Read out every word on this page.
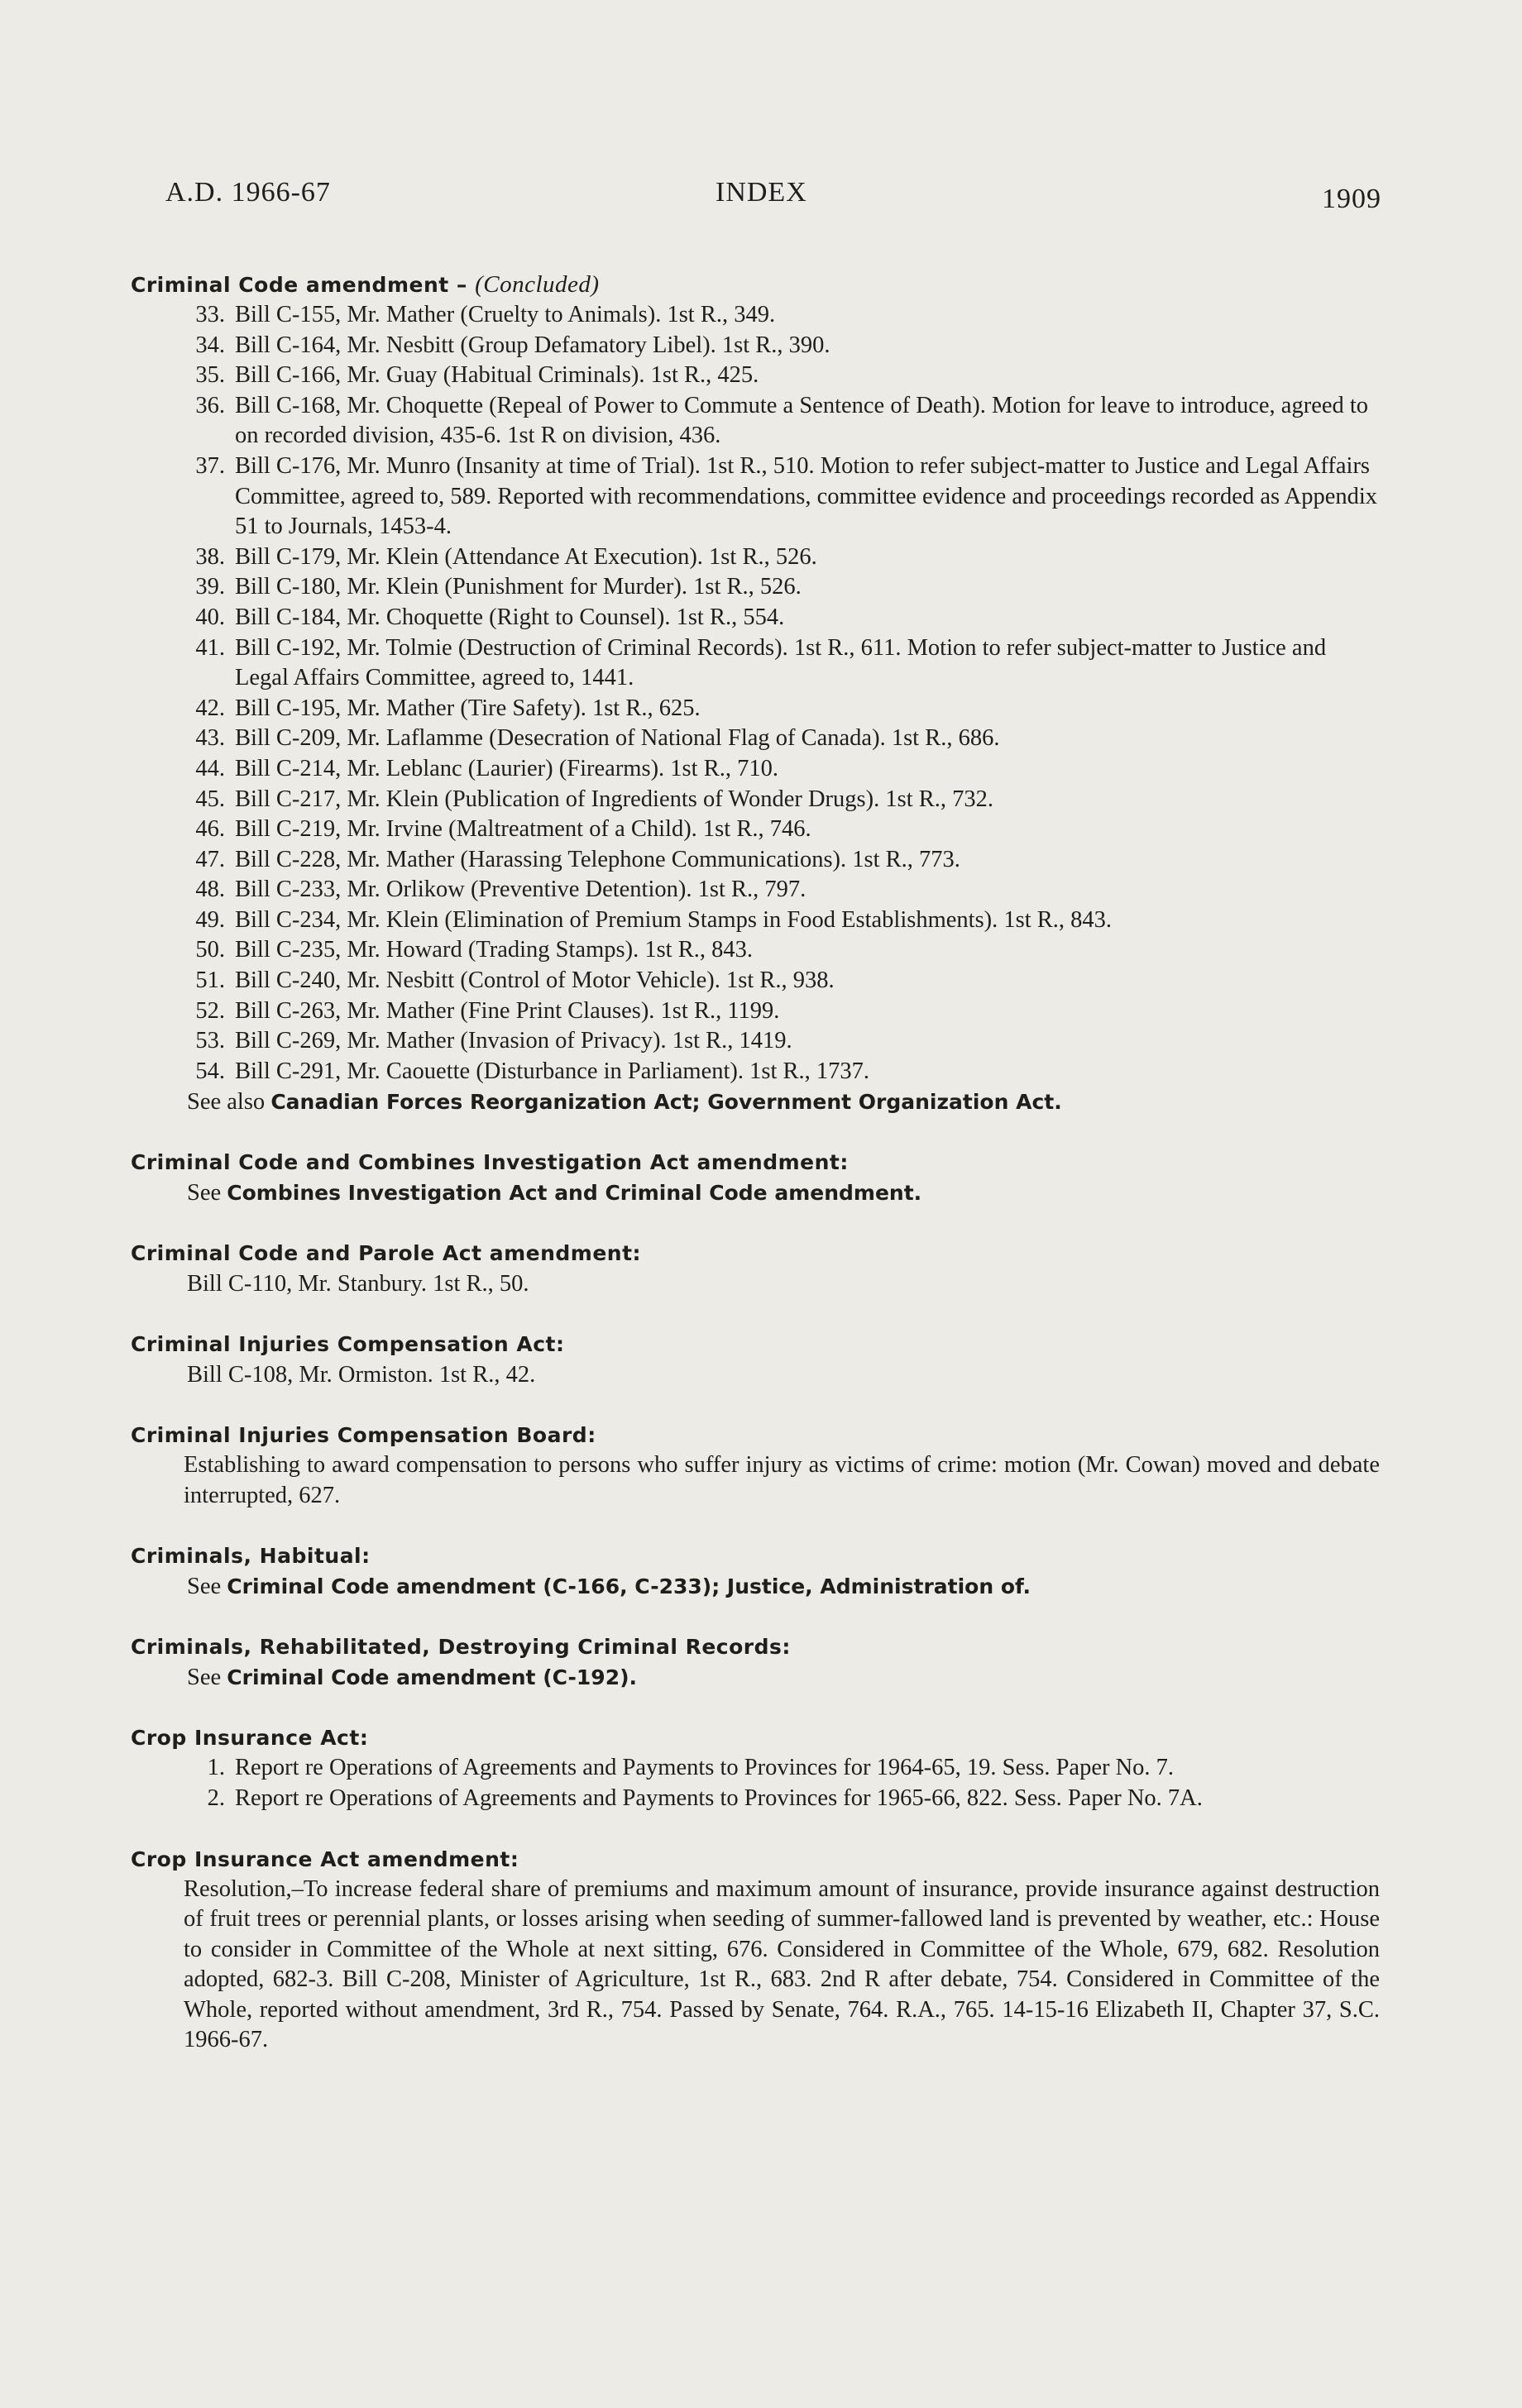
A.D. 1966-67	INDEX	1909
Criminal Code amendment – (Concluded)
33. Bill C-155, Mr. Mather (Cruelty to Animals). 1st R., 349.
34. Bill C-164, Mr. Nesbitt (Group Defamatory Libel). 1st R., 390.
35. Bill C-166, Mr. Guay (Habitual Criminals). 1st R., 425.
36. Bill C-168, Mr. Choquette (Repeal of Power to Commute a Sentence of Death). Motion for leave to introduce, agreed to on recorded division, 435-6. 1st R on division, 436.
37. Bill C-176, Mr. Munro (Insanity at time of Trial). 1st R., 510. Motion to refer subject-matter to Justice and Legal Affairs Committee, agreed to, 589. Reported with recommendations, committee evidence and proceedings recorded as Appendix 51 to Journals, 1453-4.
38. Bill C-179, Mr. Klein (Attendance At Execution). 1st R., 526.
39. Bill C-180, Mr. Klein (Punishment for Murder). 1st R., 526.
40. Bill C-184, Mr. Choquette (Right to Counsel). 1st R., 554.
41. Bill C-192, Mr. Tolmie (Destruction of Criminal Records). 1st R., 611. Motion to refer subject-matter to Justice and Legal Affairs Committee, agreed to, 1441.
42. Bill C-195, Mr. Mather (Tire Safety). 1st R., 625.
43. Bill C-209, Mr. Laflamme (Desecration of National Flag of Canada). 1st R., 686.
44. Bill C-214, Mr. Leblanc (Laurier) (Firearms). 1st R., 710.
45. Bill C-217, Mr. Klein (Publication of Ingredients of Wonder Drugs). 1st R., 732.
46. Bill C-219, Mr. Irvine (Maltreatment of a Child). 1st R., 746.
47. Bill C-228, Mr. Mather (Harassing Telephone Communications). 1st R., 773.
48. Bill C-233, Mr. Orlikow (Preventive Detention). 1st R., 797.
49. Bill C-234, Mr. Klein (Elimination of Premium Stamps in Food Establishments). 1st R., 843.
50. Bill C-235, Mr. Howard (Trading Stamps). 1st R., 843.
51. Bill C-240, Mr. Nesbitt (Control of Motor Vehicle). 1st R., 938.
52. Bill C-263, Mr. Mather (Fine Print Clauses). 1st R., 1199.
53. Bill C-269, Mr. Mather (Invasion of Privacy). 1st R., 1419.
54. Bill C-291, Mr. Caouette (Disturbance in Parliament). 1st R., 1737.
See also Canadian Forces Reorganization Act; Government Organization Act.
Criminal Code and Combines Investigation Act amendment:
See Combines Investigation Act and Criminal Code amendment.
Criminal Code and Parole Act amendment:
Bill C-110, Mr. Stanbury. 1st R., 50.
Criminal Injuries Compensation Act:
Bill C-108, Mr. Ormiston. 1st R., 42.
Criminal Injuries Compensation Board:
Establishing to award compensation to persons who suffer injury as victims of crime: motion (Mr. Cowan) moved and debate interrupted, 627.
Criminals, Habitual:
See Criminal Code amendment (C-166, C-233); Justice, Administration of.
Criminals, Rehabilitated, Destroying Criminal Records:
See Criminal Code amendment (C-192).
Crop Insurance Act:
1. Report re Operations of Agreements and Payments to Provinces for 1964-65, 19. Sess. Paper No. 7.
2. Report re Operations of Agreements and Payments to Provinces for 1965-66, 822. Sess. Paper No. 7A.
Crop Insurance Act amendment:
Resolution,–To increase federal share of premiums and maximum amount of insurance, provide insurance against destruction of fruit trees or perennial plants, or losses arising when seeding of summer-fallowed land is prevented by weather, etc.: House to consider in Committee of the Whole at next sitting, 676. Considered in Committee of the Whole, 679, 682. Resolution adopted, 682-3. Bill C-208, Minister of Agriculture, 1st R., 683. 2nd R after debate, 754. Considered in Committee of the Whole, reported without amendment, 3rd R., 754. Passed by Senate, 764. R.A., 765. 14-15-16 Elizabeth II, Chapter 37, S.C. 1966-67.
